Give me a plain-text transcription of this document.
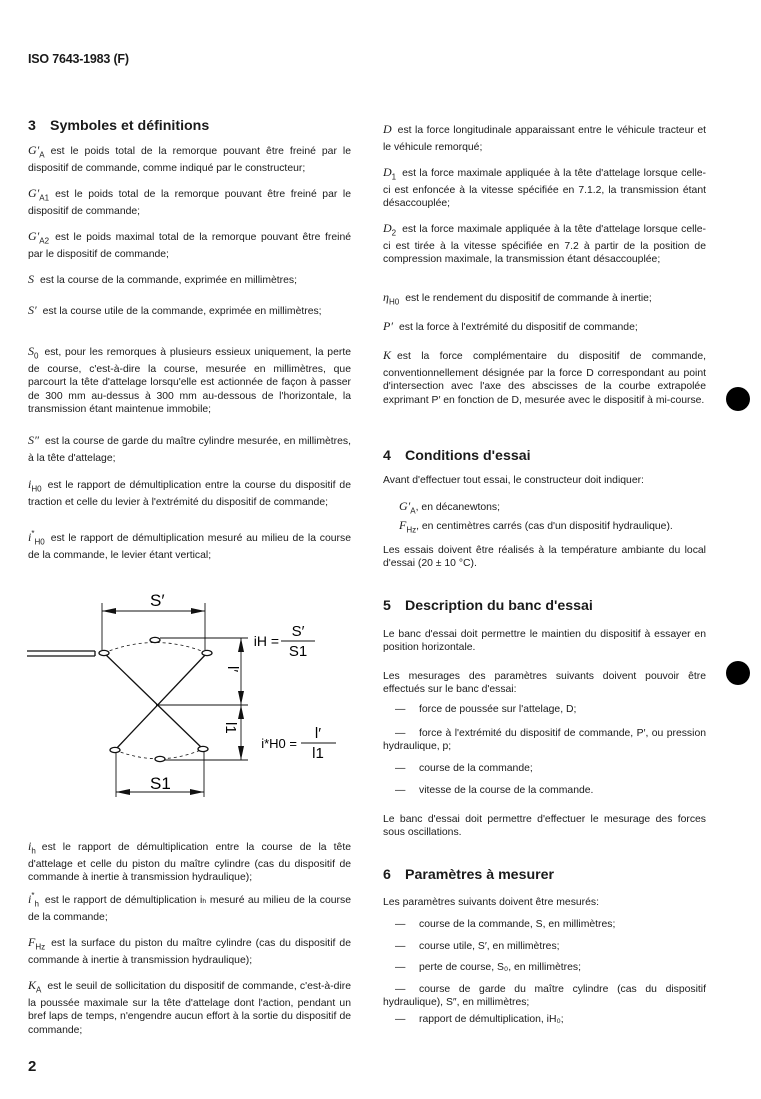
ISO 7643-1983 (F)
3 Symboles et définitions
4 Conditions d'essai
5 Description du banc d'essai
6 Paramètres à mesurer
$G'_A$ est le poids total de la remorque pouvant être freiné par le dispositif de commande, comme indiqué par le constructeur;
$G'_{A1}$ est le poids total de la remorque pouvant être freiné par le dispositif de commande;
$G'_{A2}$ est le poids maximal total de la remorque pouvant être freiné par le dispositif de commande;
S est la course de la commande, exprimée en millimètres;
S′ est la course utile de la commande, exprimée en millimètres;
$S_0$ est, pour les remorques à plusieurs essieux uniquement, la perte de course, c'est-à-dire la course, mesurée en millimètres, que parcourt la tête d'attelage lorsqu'elle est actionnée de façon à passer de 300 mm au-dessus à 300 mm au-dessous de l'horizontale, la transmission étant maintenue immobile;
S″ est la course de garde du maître cylindre mesurée, en millimètres, à la tête d'attelage;
$i_{H0}$ est le rapport de démultiplication entre la course du dispositif de traction et celle du levier à l'extrémité du dispositif de commande;
$i^*_{H0}$ est le rapport de démultiplication mesuré au milieu de la course de la commande, le levier étant vertical;
$i_h$ est le rapport de démultiplication entre la course de la tête d'attelage et celle du piston du maître cylindre (cas du dispositif de commande à inertie à transmission hydraulique);
$i^*_h$ est le rapport de démultiplication iₕ mesuré au milieu de la course de la commande;
$F_{Hz}$ est la surface du piston du maître cylindre (cas du dispositif de commande à inertie à transmission hydraulique);
$K_A$ est le seuil de sollicitation du dispositif de commande, c'est-à-dire la poussée maximale sur la tête d'attelage dont l'action, pendant un bref laps de temps, n'engendre aucun effort à la sortie du dispositif de commande;
D est la force longitudinale apparaissant entre le véhicule tracteur et le véhicule remorqué;
$D_1$ est la force maximale appliquée à la tête d'attelage lorsque celle-ci est enfoncée à la vitesse spécifiée en 7.1.2, la transmission étant désaccouplée;
$D_2$ est la force maximale appliquée à la tête d'attelage lorsque celle-ci est tirée à la vitesse spécifiée en 7.2 à partir de la position de compression maximale, la transmission étant désaccouplée;
$\eta_{H0}$ est le rendement du dispositif de commande à inertie;
P′ est la force à l'extrémité du dispositif de commande;
K est la force complémentaire du dispositif de commande, conventionnellement désignée par la force D correspondant au point d'intersection avec l'axe des abscisses de la courbe extrapolée exprimant P′ en fonction de D, mesurée avec le dispositif à mi-course.
Avant d'effectuer tout essai, le constructeur doit indiquer:
$G'_A$, en décanewtons;
$F_{Hz}$, en centimètres carrés (cas d'un dispositif hydraulique).
Les essais doivent être réalisés à la température ambiante du local d'essai (20 ± 10 °C).
Le banc d'essai doit permettre le maintien du dispositif à essayer en position horizontale.
Les mesurages des paramètres suivants doivent pouvoir être effectués sur le banc d'essai:
— force de poussée sur l'attelage, D;
— force à l'extrémité du dispositif de commande, P′, ou pression hydraulique, p;
— course de la commande;
— vitesse de la course de la commande.
Le banc d'essai doit permettre d'effectuer le mesurage des forces sous oscillations.
Les paramètres suivants doivent être mesurés:
— course de la commande, S, en millimètres;
— course utile, S′, en millimètres;
— perte de course, S₀, en millimètres;
— course de garde du maître cylindre (cas du dispositif hydraulique), S″, en millimètres;
— rapport de démultiplication, iH₀;
S′
S1
l′
l1
iH =
S′
S1
i*H0 =
l′
l1
2
